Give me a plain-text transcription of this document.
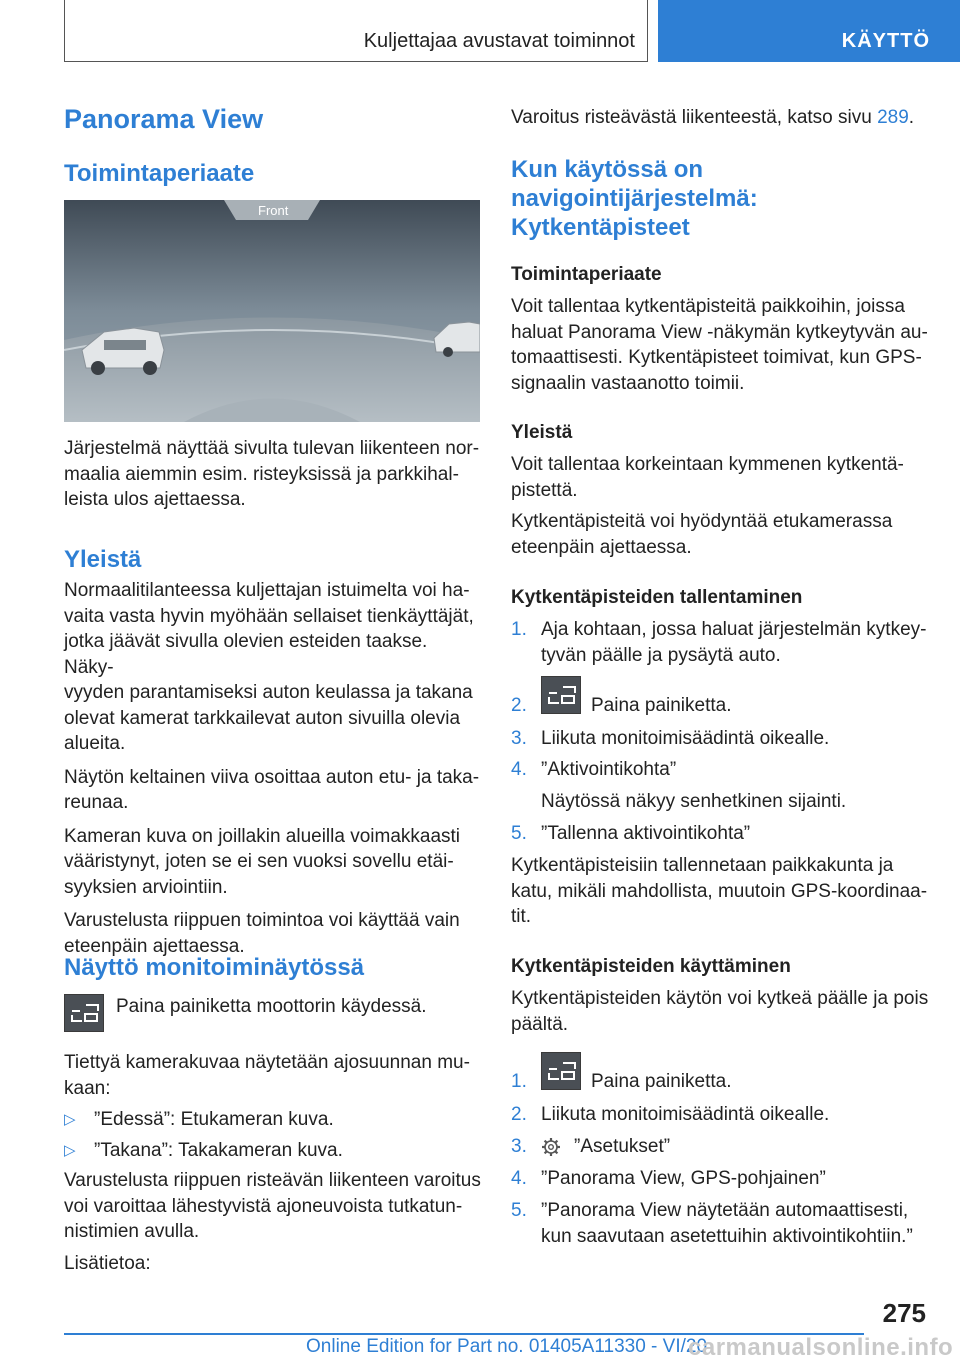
Kuljettajaa avustavat toiminnot	KÄYTTÖ
Panorama View
Toimintaperiaate
Front

Järjestelmä näyttää sivulta tulevan liikenteen nor-

maalia aiemmin esim. risteyksissä ja parkkihal-

leista ulos ajettaessa.

Yleistä

Normaalitilanteessa kuljettajan istuimelta voi ha-

vaita vasta hyvin myöhään sellaiset tienkäyttäjät,

jotka jäävät sivulla olevien esteiden taakse. Näky-

vyyden parantamiseksi auton keulassa ja takana

olevat kamerat tarkkailevat auton sivuilla olevia

alueita.

Näytön keltainen viiva osoittaa auton etu- ja taka-

reunaa.

Kameran kuva on joillakin alueilla voimakkaasti

vääristynyt, joten se ei sen vuoksi sovellu etäi-

syyksien arviointiin.

Varustelusta riippuen toimintoa voi käyttää vain

eteenpäin ajettaessa.

Näyttö monitoiminäytössä

Paina painiketta moottorin käydessä.

Tiettyä kamerakuvaa näytetään ajosuunnan mu-

kaan:

▷ ”Edessä”: Etukameran kuva.
▷ ”Takana”: Takakameran kuva.

Varustelusta riippuen risteävän liikenteen varoitus

voi varoittaa lähestyvistä ajoneuvoista tutkatun-

nistimien avulla.

Lisätietoa:

Varoitus risteävästä liikenteestä, katso sivu 289.

Kun käytössä on
navigointijärjestelmä:
Kytkentäpisteet
Toimintaperiaate

Voit tallentaa kytkentäpisteitä paikkoihin, joissa

haluat Panorama View -näkymän kytkeytyvän au-

tomaattisesti. Kytkentäpisteet toimivat, kun GPS-

signaalin vastaanotto toimii.

Yleistä

Voit tallentaa korkeintaan kymmenen kytkentä-

pistettä.

Kytkentäpisteitä voi hyödyntää etukamerassa

eteenpäin ajettaessa.

Kytkentäpisteiden tallentaminen
1. Aja kohtaan, jossa haluat järjestelmän kytkey-
tyvän päälle ja pysäytä auto.
2.	Paina painiketta.

3. Liikuta monitoimisäädintä oikealle.
4. ”Aktivointikohta”
Näytössä näkyy senhetkinen sijainti.
5. ”Tallenna aktivointikohta”

Kytkentäpisteisiin tallennetaan paikkakunta ja

katu, mikäli mahdollista, muutoin GPS-koordinaa-

tit.

Kytkentäpisteiden käyttäminen

Kytkentäpisteiden käytön voi kytkeä päälle ja pois

päältä.

1.	Paina painiketta.

2. Liikuta monitoimisäädintä oikealle.
3. ”Asetukset”
4. ”Panorama View, GPS-pohjainen”
5. ”Panorama View näytetään automaattisesti,
kun saavutaan asetettuihin aktivointikohtiin.”
275
Online Edition for Part no. 01405A11330 - VI/20
carmanualsonline.info
